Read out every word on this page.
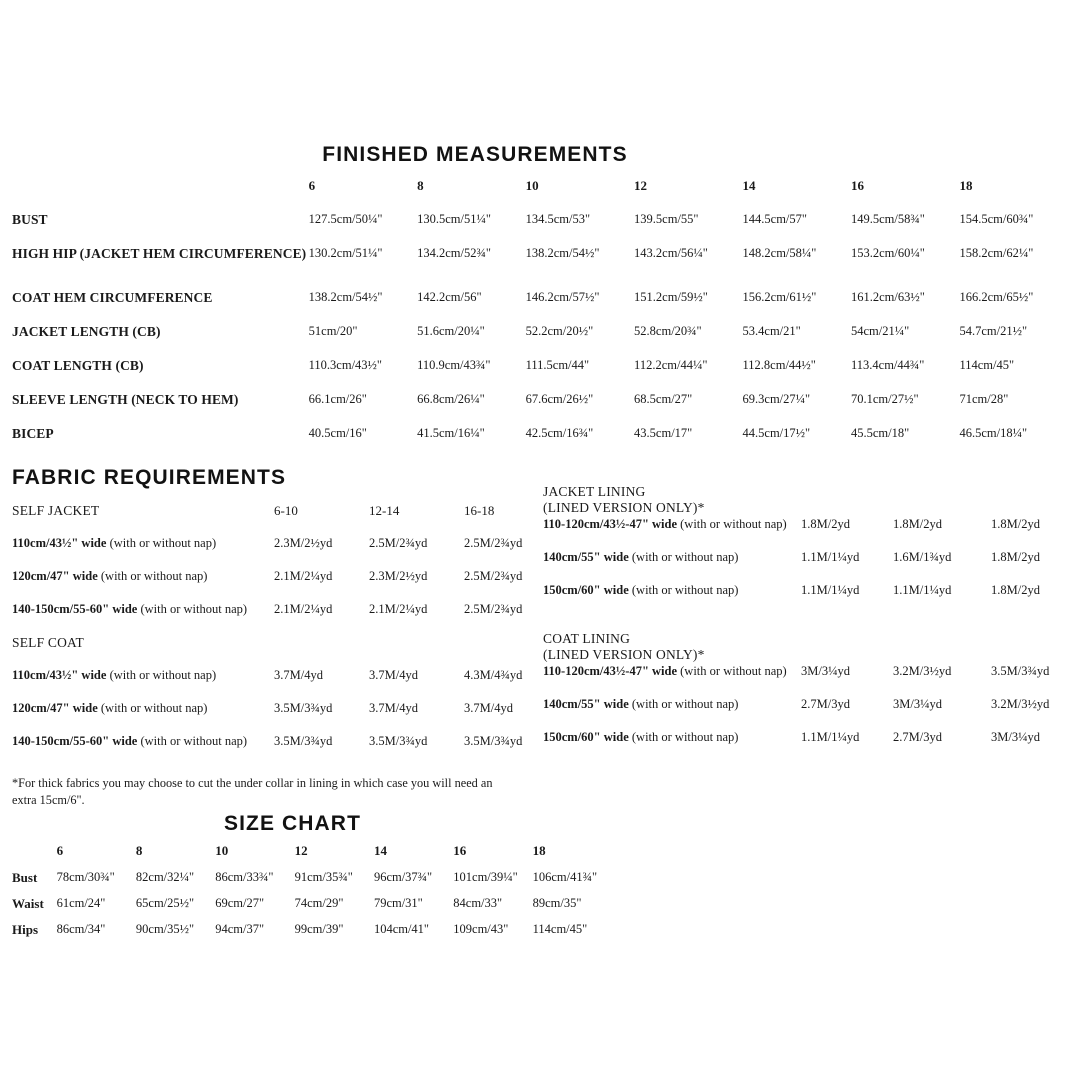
FINISHED MEASUREMENTS
	6	8	10	12	14	16	18
BUST	127.5cm/50¼"	130.5cm/51¼"	134.5cm/53"	139.5cm/55"	144.5cm/57"	149.5cm/58¾"	154.5cm/60¾"
HIGH HIP (JACKET HEM CIRCUMFERENCE)	130.2cm/51¼"	134.2cm/52¾"	138.2cm/54½"	143.2cm/56¼"	148.2cm/58¼"	153.2cm/60¼"	158.2cm/62¼"
COAT HEM CIRCUMFERENCE	138.2cm/54½"	142.2cm/56"	146.2cm/57½"	151.2cm/59½"	156.2cm/61½"	161.2cm/63½"	166.2cm/65½"
JACKET LENGTH (CB)	51cm/20"	51.6cm/20¼"	52.2cm/20½"	52.8cm/20¾"	53.4cm/21"	54cm/21¼"	54.7cm/21½"
COAT LENGTH (CB)	110.3cm/43½"	110.9cm/43¾"	111.5cm/44"	112.2cm/44¼"	112.8cm/44½"	113.4cm/44¾"	114cm/45"
SLEEVE LENGTH (NECK TO HEM)	66.1cm/26"	66.8cm/26¼"	67.6cm/26½"	68.5cm/27"	69.3cm/27¼"	70.1cm/27½"	71cm/28"
BICEP	40.5cm/16"	41.5cm/16¼"	42.5cm/16¾"	43.5cm/17"	44.5cm/17½"	45.5cm/18"	46.5cm/18¼"
FABRIC REQUIREMENTS
SELF JACKET	6-10	12-14	16-18
110cm/43½" wide (with or without nap)	2.3M/2½yd	2.5M/2¾yd	2.5M/2¾yd
120cm/47" wide (with or without nap)	2.1M/2¼yd	2.3M/2½yd	2.5M/2¾yd
140-150cm/55-60" wide (with or without nap)	2.1M/2¼yd	2.1M/2¼yd	2.5M/2¾yd
SELF COAT			
110cm/43½" wide (with or without nap)	3.7M/4yd	3.7M/4yd	4.3M/4¾yd
120cm/47" wide (with or without nap)	3.5M/3¾yd	3.7M/4yd	3.7M/4yd
140-150cm/55-60" wide (with or without nap)	3.5M/3¾yd	3.5M/3¾yd	3.5M/3¾yd
JACKET LINING
(LINED VERSION ONLY)*			
110-120cm/43½-47" wide (with or without nap)	1.8M/2yd	1.8M/2yd	1.8M/2yd
140cm/55" wide (with or without nap)	1.1M/1¼yd	1.6M/1¾yd	1.8M/2yd
150cm/60" wide (with or without nap)	1.1M/1¼yd	1.1M/1¼yd	1.8M/2yd
COAT LINING
(LINED VERSION ONLY)*			
110-120cm/43½-47" wide (with or without nap)	3M/3¼yd	3.2M/3½yd	3.5M/3¾yd
140cm/55" wide (with or without nap)	2.7M/3yd	3M/3¼yd	3.2M/3½yd
150cm/60" wide (with or without nap)	1.1M/1¼yd	2.7M/3yd	3M/3¼yd
*For thick fabrics you may choose to cut the under collar in lining in which case you will need an extra 15cm/6".
SIZE CHART
	6	8	10	12	14	16	18
Bust	78cm/30¾"	82cm/32¼"	86cm/33¾"	91cm/35¾"	96cm/37¾"	101cm/39¼"	106cm/41¾"
Waist	61cm/24"	65cm/25½"	69cm/27"	74cm/29"	79cm/31"	84cm/33"	89cm/35"
Hips	86cm/34"	90cm/35½"	94cm/37"	99cm/39"	104cm/41"	109cm/43"	114cm/45"
